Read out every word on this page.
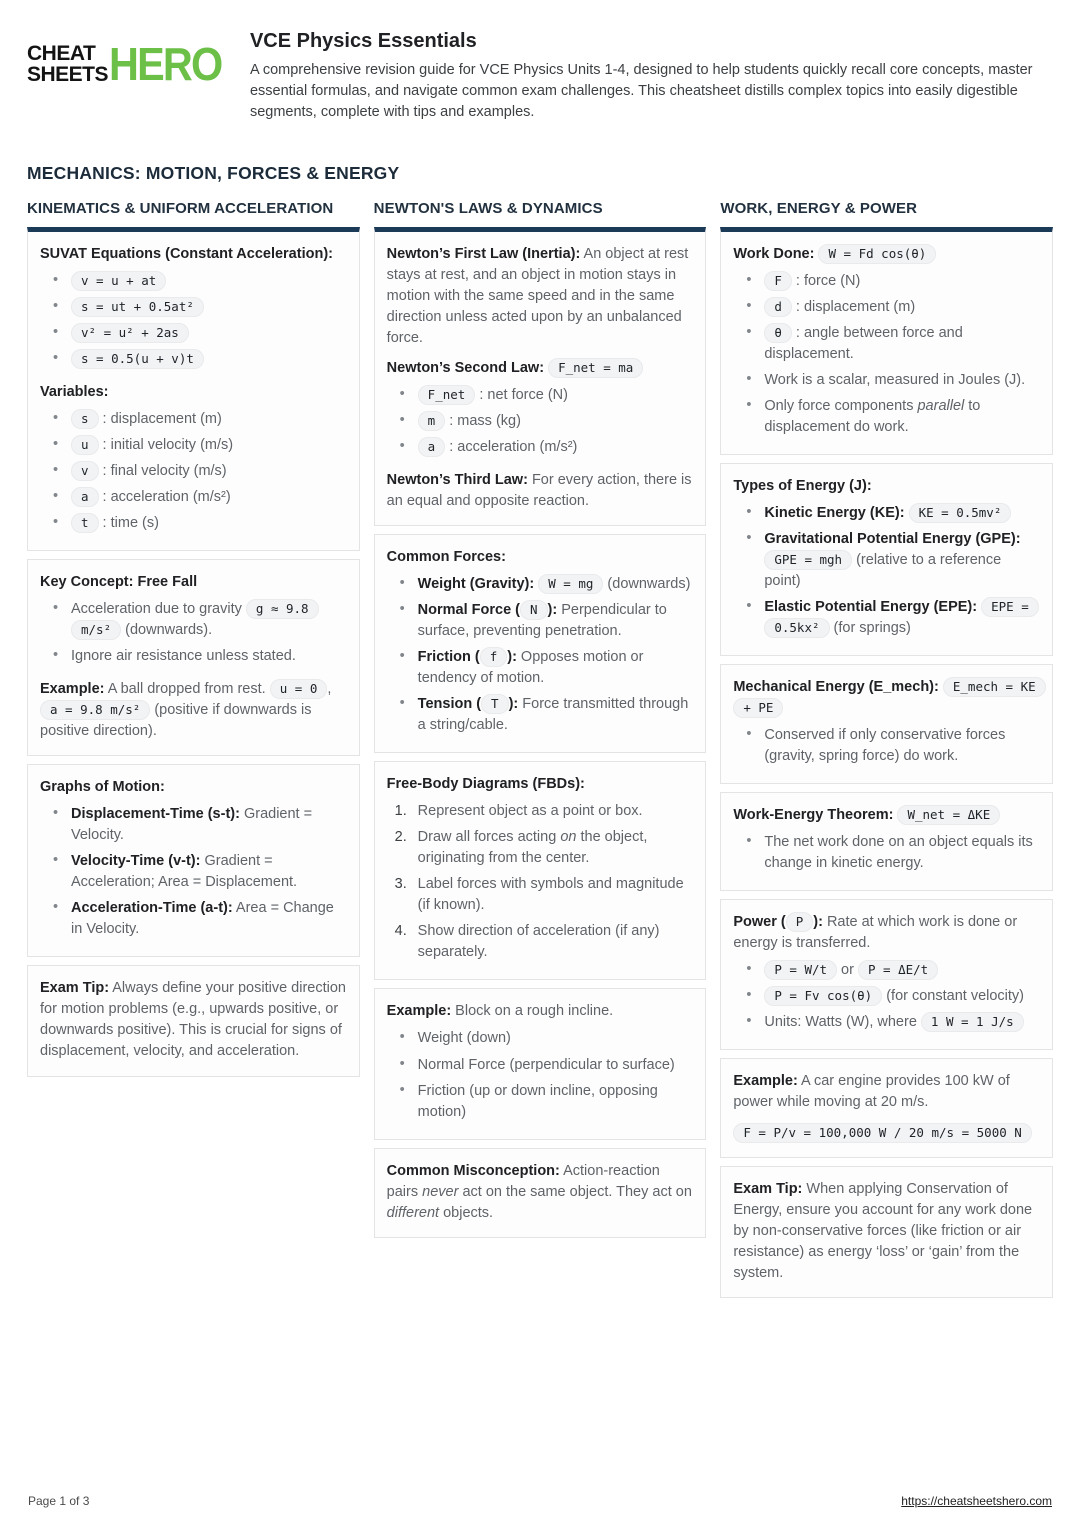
CHEAT
SHEETS HERO VCE Physics Essentials
A comprehensive revision guide for VCE Physics Units 1-4, designed to help students quickly recall core concepts, master essential formulas, and navigate common exam challenges. This cheatsheet distills complex topics into easily digestible segments, complete with tips and examples.
MECHANICS: MOTION, FORCES & ENERGY
KINEMATICS & UNIFORM ACCELERATION
SUVAT Equations (Constant Acceleration):
• v = u + at
• s = ut + 0.5at²
• v² = u² + 2as
• s = 0.5(u + v)t
Variables:
• s : displacement (m)
• u : initial velocity (m/s)
• v : final velocity (m/s)
• a : acceleration (m/s²)
• t : time (s)
Key Concept: Free Fall
• Acceleration due to gravity g ≈ 9.8 m/s² (downwards).
• Ignore air resistance unless stated.
Example: A ball dropped from rest. u = 0 , a = 9.8 m/s² (positive if downwards is positive direction).
Graphs of Motion:
• Displacement-Time (s-t): Gradient = Velocity.
• Velocity-Time (v-t): Gradient = Acceleration; Area = Displacement.
• Acceleration-Time (a-t): Area = Change in Velocity.
Exam Tip: Always define your positive direction for motion problems (e.g., upwards positive, or downwards positive). This is crucial for signs of displacement, velocity, and acceleration.
NEWTON'S LAWS & DYNAMICS
Newton’s First Law (Inertia): An object at rest stays at rest, and an object in motion stays in motion with the same speed and in the same direction unless acted upon by an unbalanced force.
Newton’s Second Law: F_net = ma
• F_net : net force (N)
• m : mass (kg)
• a : acceleration (m/s²)
Newton’s Third Law: For every action, there is an equal and opposite reaction.
Common Forces:
• Weight (Gravity): W = mg (downwards)
• Normal Force ( N ): Perpendicular to surface, preventing penetration.
• Friction ( f ): Opposes motion or tendency of motion.
• Tension ( T ): Force transmitted through a string/cable.
Free-Body Diagrams (FBDs):
Represent object as a point or box.
Draw all forces acting on the object, originating from the center.
Label forces with symbols and magnitude (if known).
Show direction of acceleration (if any) separately.
Example: Block on a rough incline.
• Weight (down)
• Normal Force (perpendicular to surface)
• Friction (up or down incline, opposing motion)
Common Misconception: Action-reaction pairs never act on the same object. They act on different objects.
WORK, ENERGY & POWER
Work Done: W = Fd cos(θ)
• F : force (N)
• d : displacement (m)
• θ : angle between force and displacement.
• Work is a scalar, measured in Joules (J).
• Only force components parallel to displacement do work.
Types of Energy (J):
• Kinetic Energy (KE): KE = 0.5mv²
• Gravitational Potential Energy (GPE): GPE = mgh (relative to a reference point)
• Elastic Potential Energy (EPE): EPE = 0.5kx² (for springs)
Mechanical Energy (E_mech): E_mech = KE + PE
• Conserved if only conservative forces (gravity, spring force) do work.
Work-Energy Theorem: W_net = ΔKE
• The net work done on an object equals its change in kinetic energy.
Power ( P ): Rate at which work is done or energy is transferred.
• P = W/t or P = ΔE/t
• P = Fv cos(θ) (for constant velocity)
• Units: Watts (W), where 1 W = 1 J/s
Example: A car engine provides 100 kW of power while moving at 20 m/s.
F = P/v = 100,000 W / 20 m/s = 5000 N
Exam Tip: When applying Conservation of Energy, ensure you account for any work done by non-conservative forces (like friction or air resistance) as energy ‘loss’ or ‘gain’ from the system.
Page 1 of 3	https://cheatsheetshero.com
